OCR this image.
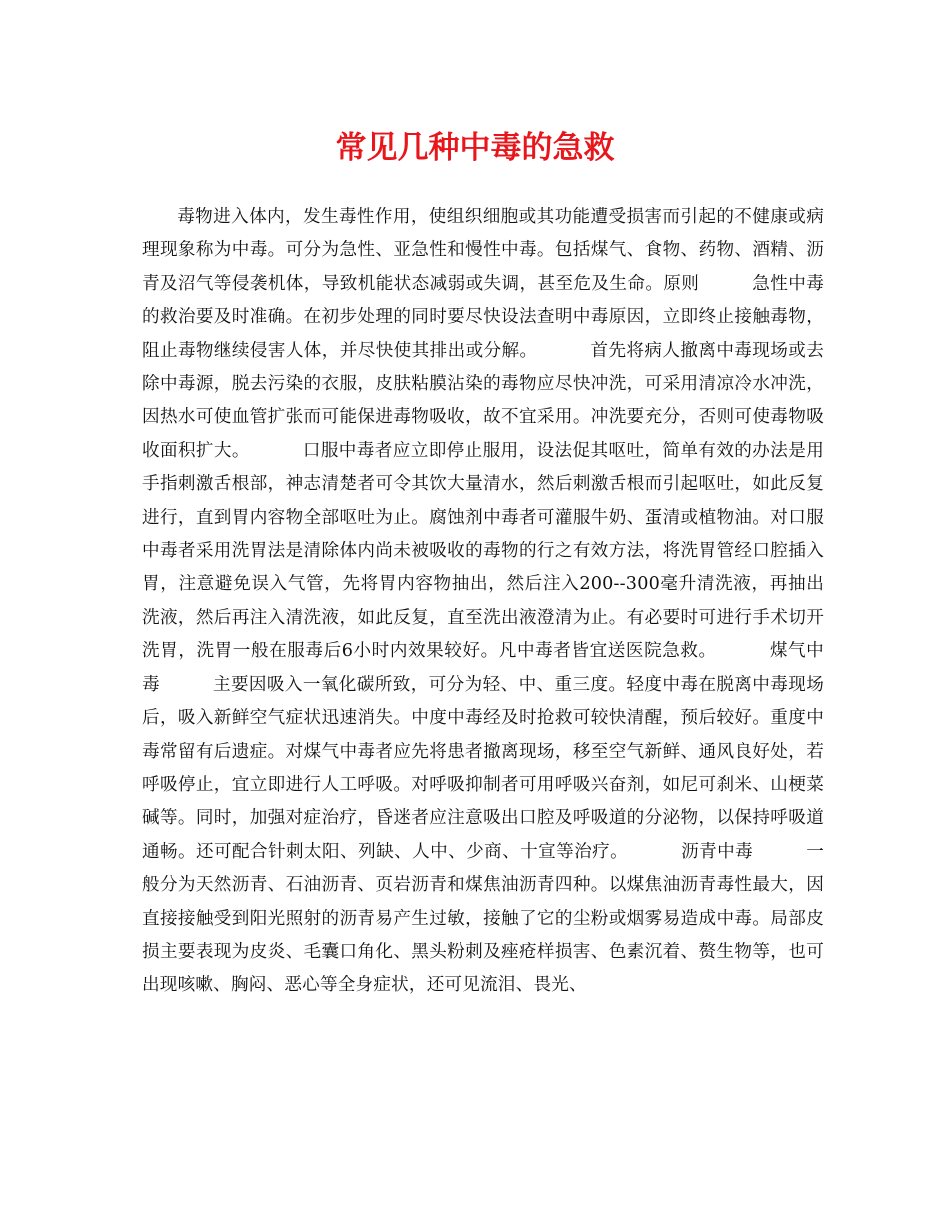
常见几种中毒的急救

毒物进入体内，发生毒性作用，使组织细胞或其功能遭受损害而引起的不健康或病理现象称为中毒。可分为急性、亚急性和慢性中毒。包括煤气、食物、药物、酒精、沥青及沼气等侵袭机体，导致机能状态减弱或失调，甚至危及生命。原则	急性中毒的救治要及时准确。在初步处理的同时要尽快设法查明中毒原因，立即终止接触毒物，阻止毒物继续侵害人体，并尽快使其排出或分解。	首先将病人撤离中毒现场或去除中毒源，脱去污染的衣服，皮肤粘膜沾染的毒物应尽快冲洗，可采用清凉冷水冲洗，因热水可使血管扩张而可能保进毒物吸收，故不宜采用。冲洗要充分，否则可使毒物吸收面积扩大。	口服中毒者应立即停止服用，设法促其呕吐，简单有效的办法是用手指刺激舌根部，神志清楚者可令其饮大量清水，然后刺激舌根而引起呕吐，如此反复进行，直到胃内容物全部呕吐为止。腐蚀剂中毒者可灌服牛奶、蛋清或植物油。对口服中毒者采用洗胃法是清除体内尚未被吸收的毒物的行之有效方法，将洗胃管经口腔插入胃，注意避免误入气管，先将胃内容物抽出，然后注入200--300毫升清洗液，再抽出洗液，然后再注入清洗液，如此反复，直至洗出液澄清为止。有必要时可进行手术切开洗胃，洗胃一般在服毒后6小时内效果较好。凡中毒者皆宜送医院急救。	煤气中毒	主要因吸入一氧化碳所致，可分为轻、中、重三度。轻度中毒在脱离中毒现场后，吸入新鲜空气症状迅速消失。中度中毒经及时抢救可较快清醒，预后较好。重度中毒常留有后遗症。对煤气中毒者应先将患者撤离现场，移至空气新鲜、通风良好处，若呼吸停止，宜立即进行人工呼吸。对呼吸抑制者可用呼吸兴奋剂，如尼可刹米、山梗菜碱等。同时，加强对症治疗，昏迷者应注意吸出口腔及呼吸道的分泌物，以保持呼吸道通畅。还可配合针刺太阳、列缺、人中、少商、十宣等治疗。	沥青中毒	一般分为天然沥青、石油沥青、页岩沥青和煤焦油沥青四种。以煤焦油沥青毒性最大，因直接接触受到阳光照射的沥青易产生过敏，接触了它的尘粉或烟雾易造成中毒。局部皮损主要表现为皮炎、毛囊口角化、黑头粉刺及痤疮样损害、色素沉着、赘生物等，也可出现咳嗽、胸闷、恶心等全身症状，还可见流泪、畏光、
